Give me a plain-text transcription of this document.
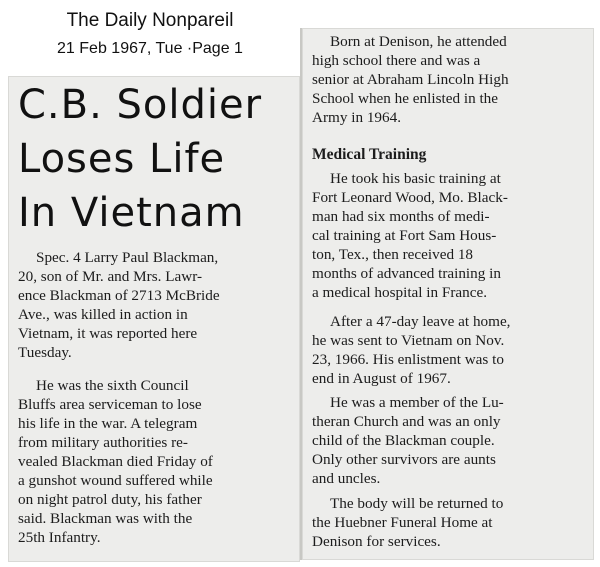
The Daily Nonpareil
21 Feb 1967, Tue ·Page 1
C.B. Soldier
Loses Life
In Vietnam
Spec. 4 Larry Paul Blackman,
20, son of Mr. and Mrs. Lawr-
ence Blackman of 2713 McBride
Ave., was killed in action in
Vietnam, it was reported here
Tuesday.
He was the sixth Council
Bluffs area serviceman to lose
his life in the war. A telegram
from military authorities re-
vealed Blackman died Friday of
a gunshot wound suffered while
on night patrol duty, his father
said. Blackman was with the
25th Infantry.
Born at Denison, he attended
high school there and was a
senior at Abraham Lincoln High
School when he enlisted in the
Army in 1964.
Medical Training
He took his basic training at
Fort Leonard Wood, Mo. Black-
man had six months of medi-
cal training at Fort Sam Hous-
ton, Tex., then received 18
months of advanced training in
a medical hospital in France.
After a 47-day leave at home,
he was sent to Vietnam on Nov.
23, 1966. His enlistment was to
end in August of 1967.
He was a member of the Lu-
theran Church and was an only
child of the Blackman couple.
Only other survivors are aunts
and uncles.
The body will be returned to
the Huebner Funeral Home at
Denison for services.
